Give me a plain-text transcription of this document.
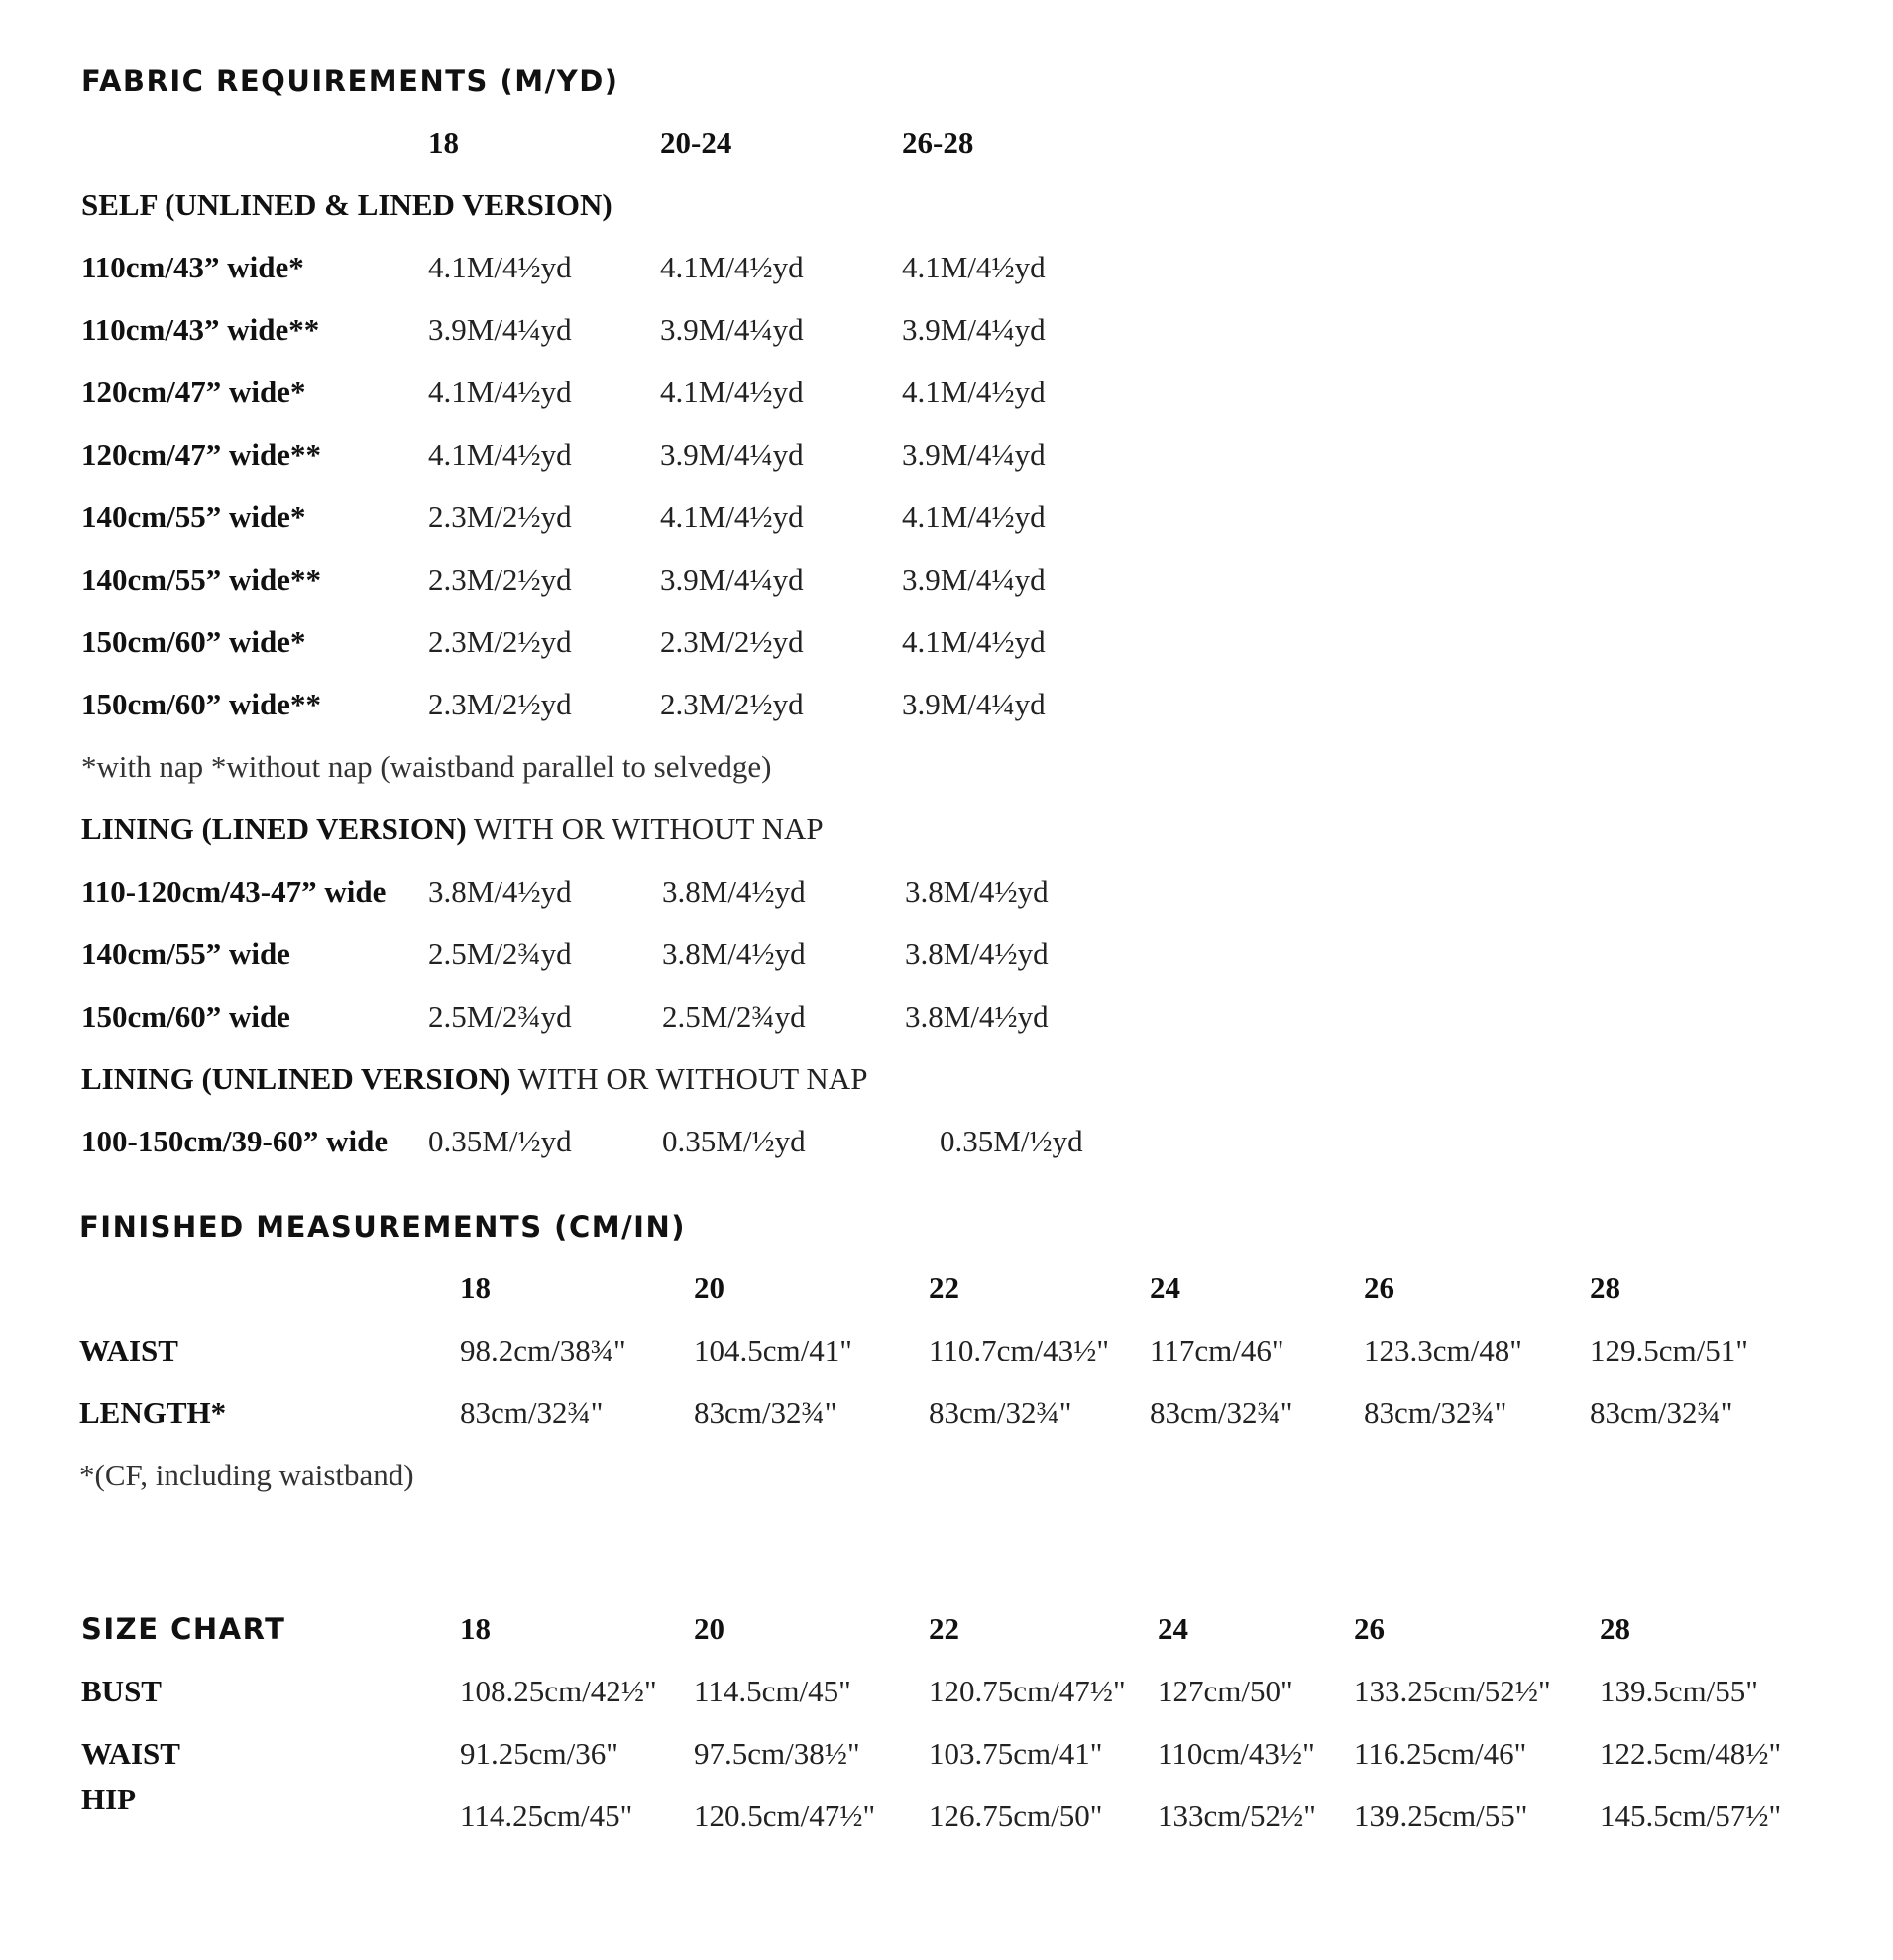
FABRIC REQUIREMENTS (M/YD)
18	20-24	26-28
SELF (UNLINED & LINED VERSION)
110cm/43” wide*	4.1M/4½yd	4.1M/4½yd	4.1M/4½yd
110cm/43” wide**	3.9M/4¼yd	3.9M/4¼yd	3.9M/4¼yd
120cm/47” wide*	4.1M/4½yd	4.1M/4½yd	4.1M/4½yd
120cm/47” wide**	4.1M/4½yd	3.9M/4¼yd	3.9M/4¼yd
140cm/55” wide*	2.3M/2½yd	4.1M/4½yd	4.1M/4½yd
140cm/55” wide**	2.3M/2½yd	3.9M/4¼yd	3.9M/4¼yd
150cm/60” wide*	2.3M/2½yd	2.3M/2½yd	4.1M/4½yd
150cm/60” wide**	2.3M/2½yd	2.3M/2½yd	3.9M/4¼yd
*with nap *without nap (waistband parallel to selvedge)
LINING (LINED VERSION) WITH OR WITHOUT NAP
110-120cm/43-47” wide 3.8M/4½yd	3.8M/4½yd	3.8M/4½yd
140cm/55” wide	2.5M/2¾yd	3.8M/4½yd	3.8M/4½yd
150cm/60” wide	2.5M/2¾yd	2.5M/2¾yd	3.8M/4½yd
LINING (UNLINED VERSION) WITH OR WITHOUT NAP
100-150cm/39-60” wide 0.35M/½yd	0.35M/½yd	0.35M/½yd
FINISHED MEASUREMENTS (CM/IN)
18	20	22	24	26	28
WAIST	98.2cm/38¾" 104.5cm/41" 110.7cm/43½" 117cm/46"	123.3cm/48" 129.5cm/51"
LENGTH*	83cm/32¾"	83cm/32¾"	83cm/32¾"	83cm/32¾" 83cm/32¾"	83cm/32¾"
*(CF, including waistband)
SIZE CHART	18	20	22	24	26	28
BUST	108.25cm/42½" 114.5cm/45"	120.75cm/47½" 127cm/50" 133.25cm/52½" 139.5cm/55"
WAIST	91.25cm/36" 97.5cm/38½" 103.75cm/41" 110cm/43½" 116.25cm/46" 122.5cm/48½"
HIP	114.25cm/45" 120.5cm/47½" 126.75cm/50" 133cm/52½" 139.25cm/55" 145.5cm/57½"
